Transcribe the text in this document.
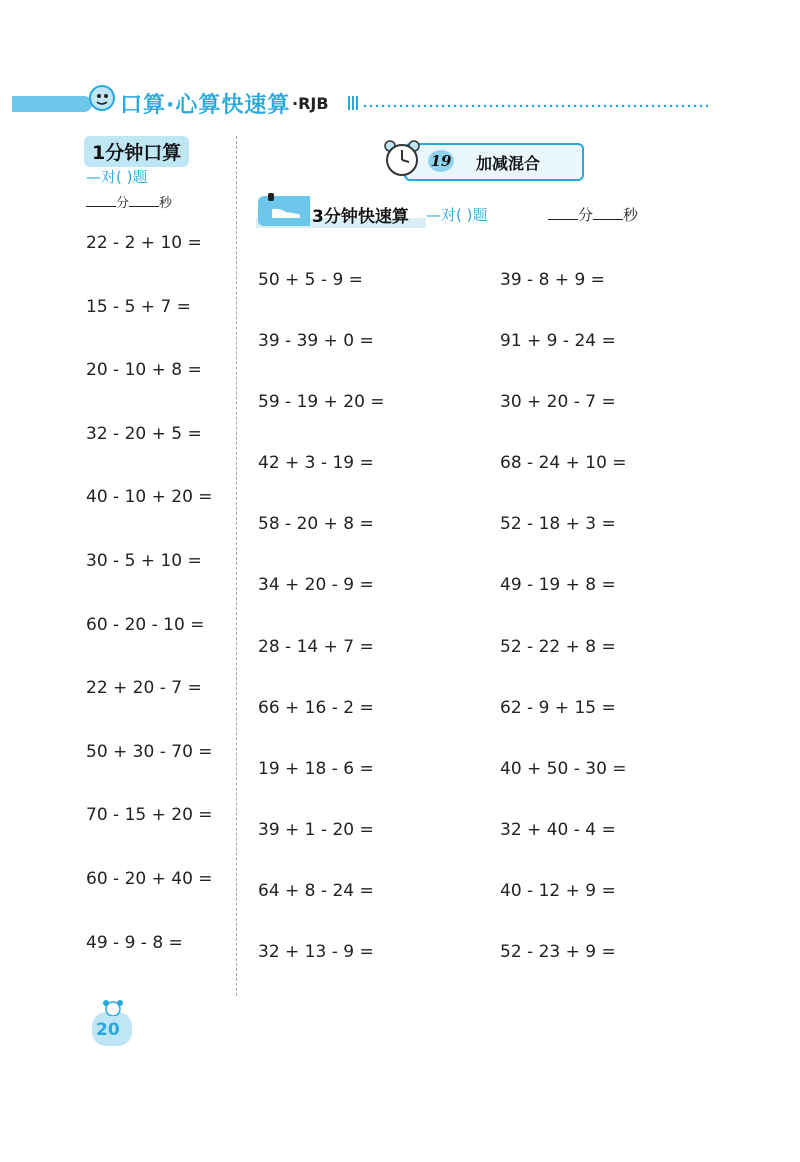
口算·心算快速算 ·RJB
1分钟口算
—对( )题
分 秒
22 - 2 + 10 =
15 - 5 + 7 =
20 - 10 + 8 =
32 - 20 + 5 =
40 - 10 + 20 =
30 - 5 + 10 =
60 - 20 - 10 =
22 + 20 - 7 =
50 + 30 - 70 =
70 - 15 + 20 =
60 - 20 + 40 =
49 - 9 - 8 =
19 加减混合
3分钟快速算 —对( )题	分 秒
50 + 5 - 9 =
39 - 39 + 0 =
59 - 19 + 20 =
42 + 3 - 19 =
58 - 20 + 8 =
34 + 20 - 9 =
28 - 14 + 7 =
66 + 16 - 2 =
19 + 18 - 6 =
39 + 1 - 20 =
64 + 8 - 24 =
32 + 13 - 9 =
39 - 8 + 9 =
91 + 9 - 24 =
30 + 20 - 7 =
68 - 24 + 10 =
52 - 18 + 3 =
49 - 19 + 8 =
52 - 22 + 8 =
62 - 9 + 15 =
40 + 50 - 30 =
32 + 40 - 4 =
40 - 12 + 9 =
52 - 23 + 9 =
20
